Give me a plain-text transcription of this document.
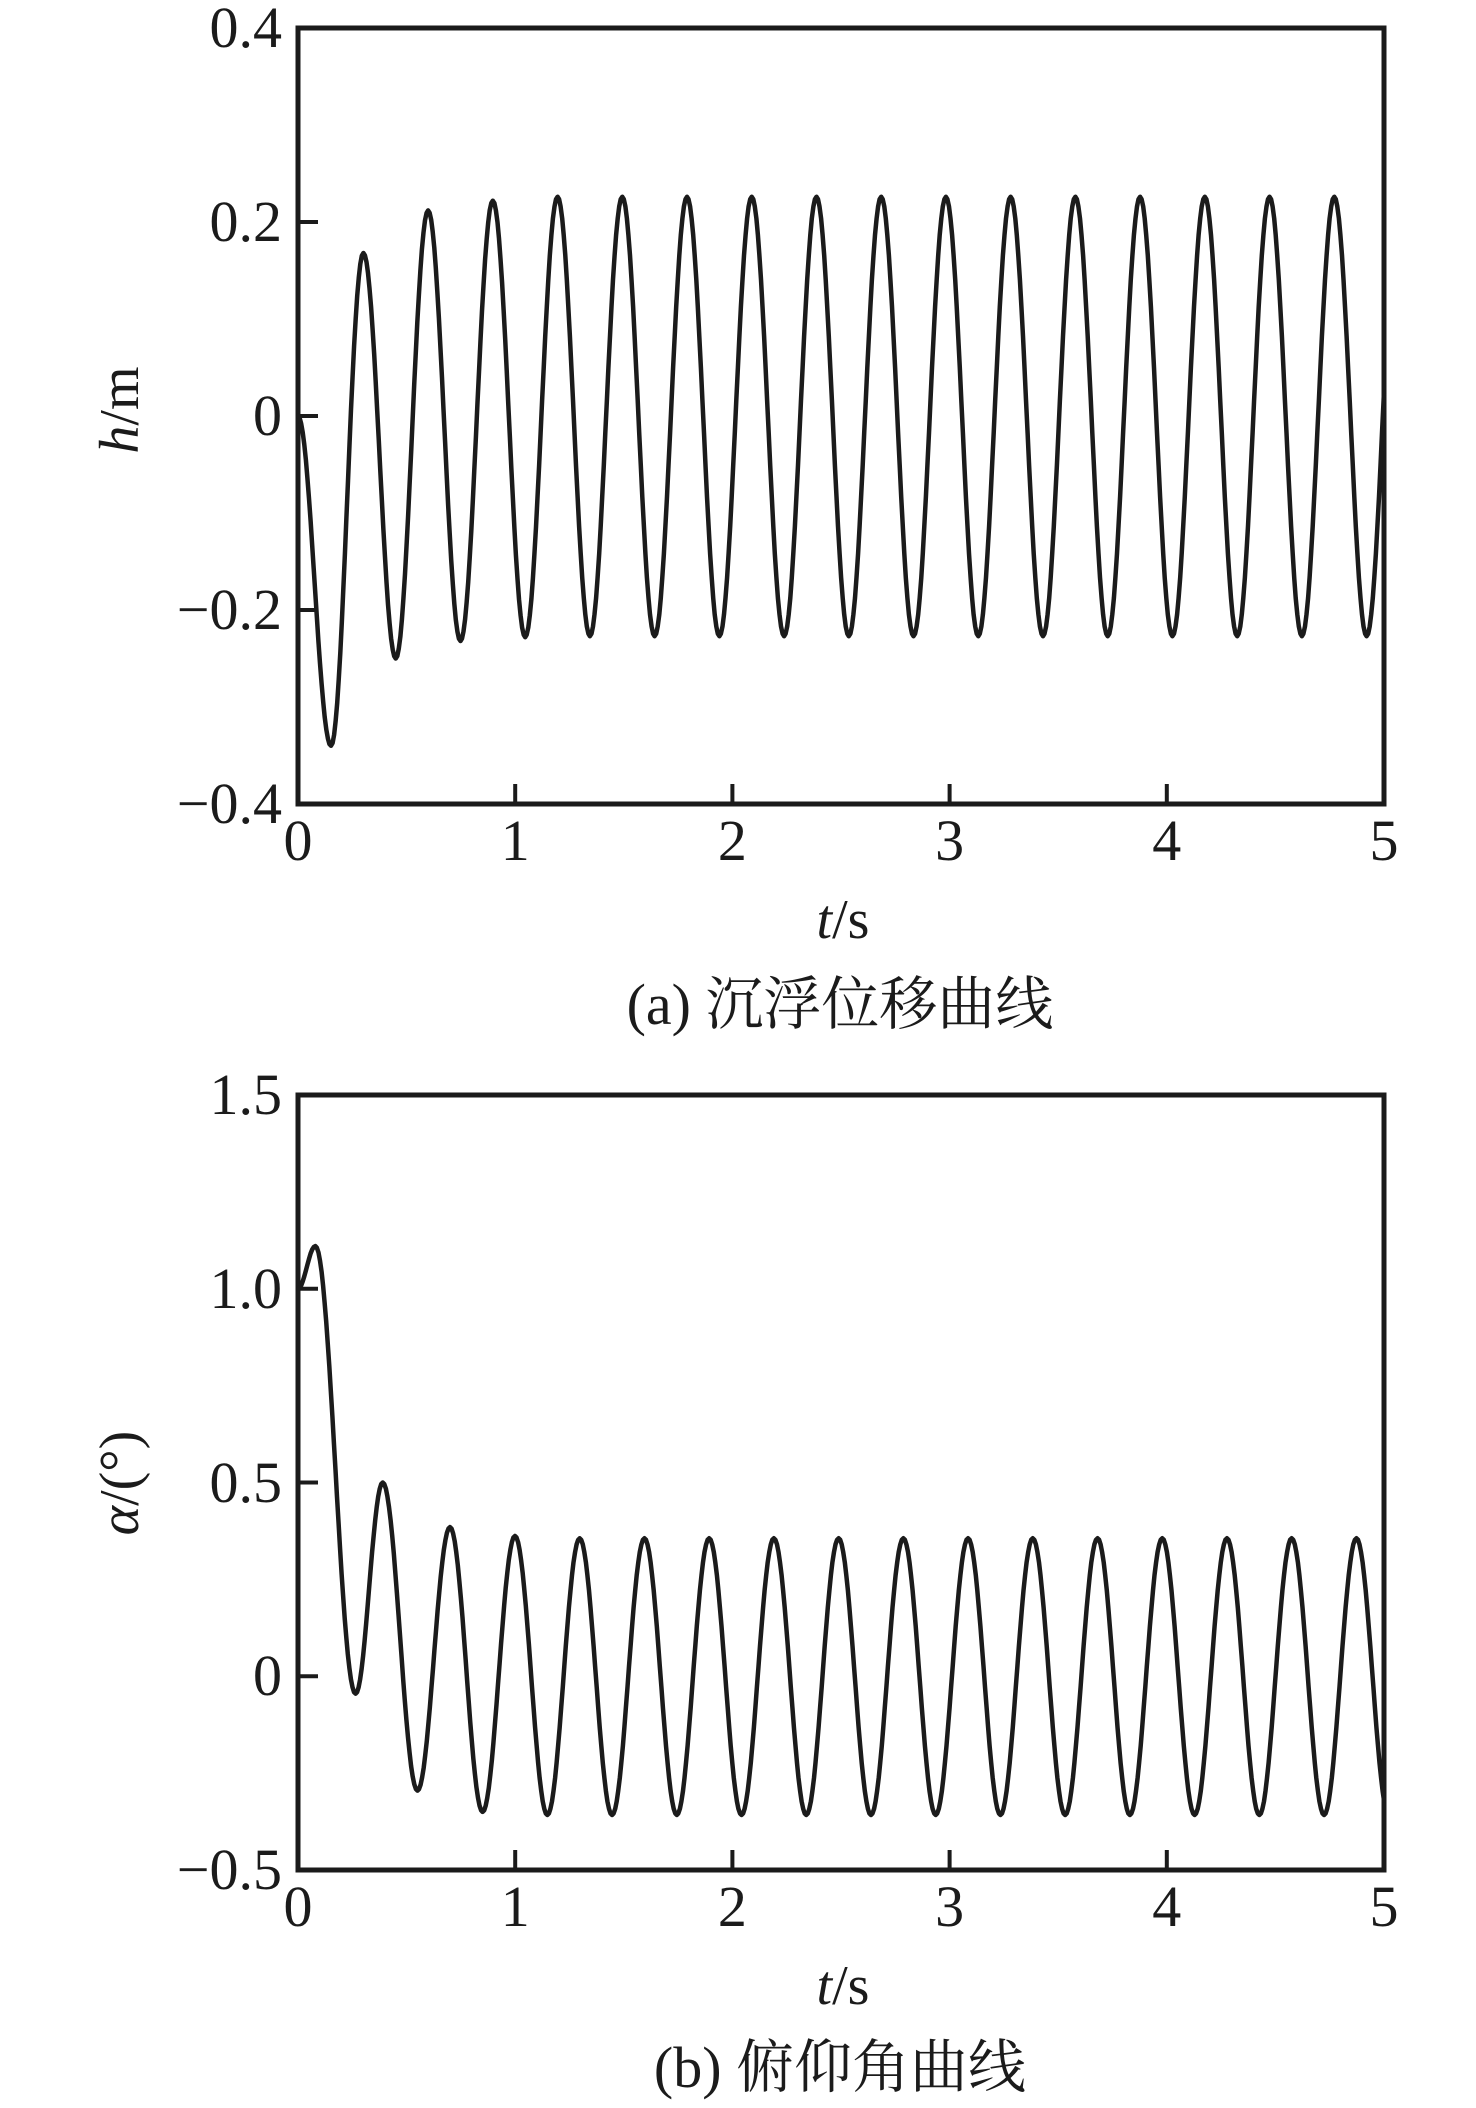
h/m
t/s
(a) 沉浮位移曲线
α/(°)
t/s
(b) 俯仰角曲线
0	1	2	3	4	5
0.4
0.2
0
−0.2
−0.4
0	1	2	3	4	5
1.5
1.0
0.5
0
−0.5
